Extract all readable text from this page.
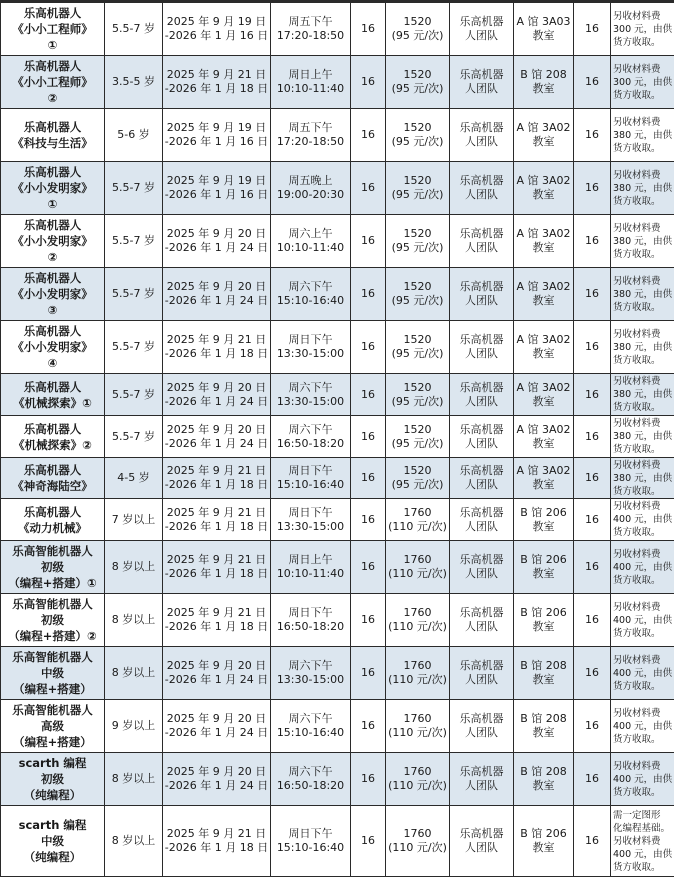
乐高机器人
《小小工程师》
①	5.5-7 岁	2025 年 9 月 19 日
-2026 年 1 月 16 日	周五下午
17:20-18:50	16	1520
(95 元/次)	乐高机器
人团队	A 馆 3A03
教室	16	另收材料费
300 元，由供
货方收取。

乐高机器人
《小小工程师》
②	3.5-5 岁	2025 年 9 月 21 日
-2026 年 1 月 18 日	周日上午
10:10-11:40	16	1520
(95 元/次)	乐高机器
人团队	B 馆 208
教室	16	另收材料费
300 元，由供
货方收取。

乐高机器人
《科技与生活》	5-6 岁	2025 年 9 月 19 日
-2026 年 1 月 16 日	周五下午
17:20-18:50	16	1520
(95 元/次)	乐高机器
人团队	A 馆 3A02
教室	16	另收材料费
380 元，由供
货方收取。

乐高机器人
《小小发明家》
①	5.5-7 岁	2025 年 9 月 19 日
-2026 年 1 月 16 日	周五晚上
19:00-20:30	16	1520
(95 元/次)	乐高机器
人团队	A 馆 3A02
教室	16	另收材料费
380 元，由供
货方收取。

乐高机器人
《小小发明家》
②	5.5-7 岁	2025 年 9 月 20 日
-2026 年 1 月 24 日	周六上午
10:10-11:40	16	1520
(95 元/次)	乐高机器
人团队	A 馆 3A02
教室	16	另收材料费
380 元，由供
货方收取。

乐高机器人
《小小发明家》
③	5.5-7 岁	2025 年 9 月 20 日
-2026 年 1 月 24 日	周六下午
15:10-16:40	16	1520
(95 元/次)	乐高机器
人团队	A 馆 3A02
教室	16	另收材料费
380 元，由供
货方收取。

乐高机器人
《小小发明家》
④	5.5-7 岁	2025 年 9 月 21 日
-2026 年 1 月 18 日	周日下午
13:30-15:00	16	1520
(95 元/次)	乐高机器
人团队	A 馆 3A02
教室	16	另收材料费
380 元，由供
货方收取。

乐高机器人
《机械探索》①	5.5-7 岁	2025 年 9 月 20 日
-2026 年 1 月 24 日	周六下午
13:30-15:00	16	1520
(95 元/次)	乐高机器
人团队	A 馆 3A02
教室	16	另收材料费
380 元，由供
货方收取。

乐高机器人
《机械探索》②	5.5-7 岁	2025 年 9 月 20 日
-2026 年 1 月 24 日	周六下午
16:50-18:20	16	1520
(95 元/次)	乐高机器
人团队	A 馆 3A02
教室	16	另收材料费
380 元，由供
货方收取。

乐高机器人
《神奇海陆空》	4-5 岁	2025 年 9 月 21 日
-2026 年 1 月 18 日	周日下午
15:10-16:40	16	1520
(95 元/次)	乐高机器
人团队	A 馆 3A02
教室	16	另收材料费
380 元，由供
货方收取。

乐高机器人
《动力机械》	7 岁以上	2025 年 9 月 21 日
-2026 年 1 月 18 日	周日下午
13:30-15:00	16	1760
(110 元/次)	乐高机器
人团队	B 馆 206
教室	16	另收材料费
400 元，由供
货方收取。

乐高智能机器人
初级
（编程+搭建）①	8 岁以上	2025 年 9 月 21 日
-2026 年 1 月 18 日	周日上午
10:10-11:40	16	1760
(110 元/次)	乐高机器
人团队	B 馆 206
教室	16	另收材料费
400 元，由供
货方收取。

乐高智能机器人
初级
（编程+搭建）②	8 岁以上	2025 年 9 月 21 日
-2026 年 1 月 18 日	周日下午
16:50-18:20	16	1760
(110 元/次)	乐高机器
人团队	B 馆 206
教室	16	另收材料费
400 元，由供
货方收取。

乐高智能机器人
中级
（编程+搭建）	8 岁以上	2025 年 9 月 20 日
-2026 年 1 月 24 日	周六下午
13:30-15:00	16	1760
(110 元/次)	乐高机器
人团队	B 馆 208
教室	16	另收材料费
400 元，由供
货方收取。

乐高智能机器人
高级
（编程+搭建）	9 岁以上	2025 年 9 月 20 日
-2026 年 1 月 24 日	周六下午
15:10-16:40	16	1760
(110 元/次)	乐高机器
人团队	B 馆 208
教室	16	另收材料费
400 元，由供
货方收取。

scarth 编程
初级
（纯编程）	8 岁以上	2025 年 9 月 20 日
-2026 年 1 月 24 日	周六下午
16:50-18:20	16	1760
(110 元/次)	乐高机器
人团队	B 馆 208
教室	16	另收材料费
400 元，由供
货方收取。

scarth 编程
中级
（纯编程）	8 岁以上	2025 年 9 月 21 日
-2026 年 1 月 18 日	周日下午
15:10-16:40	16	1760
(110 元/次)	乐高机器
人团队	B 馆 206
教室	16	需一定图形
化编程基础。
另收材料费
400 元，由供
货方收取。
